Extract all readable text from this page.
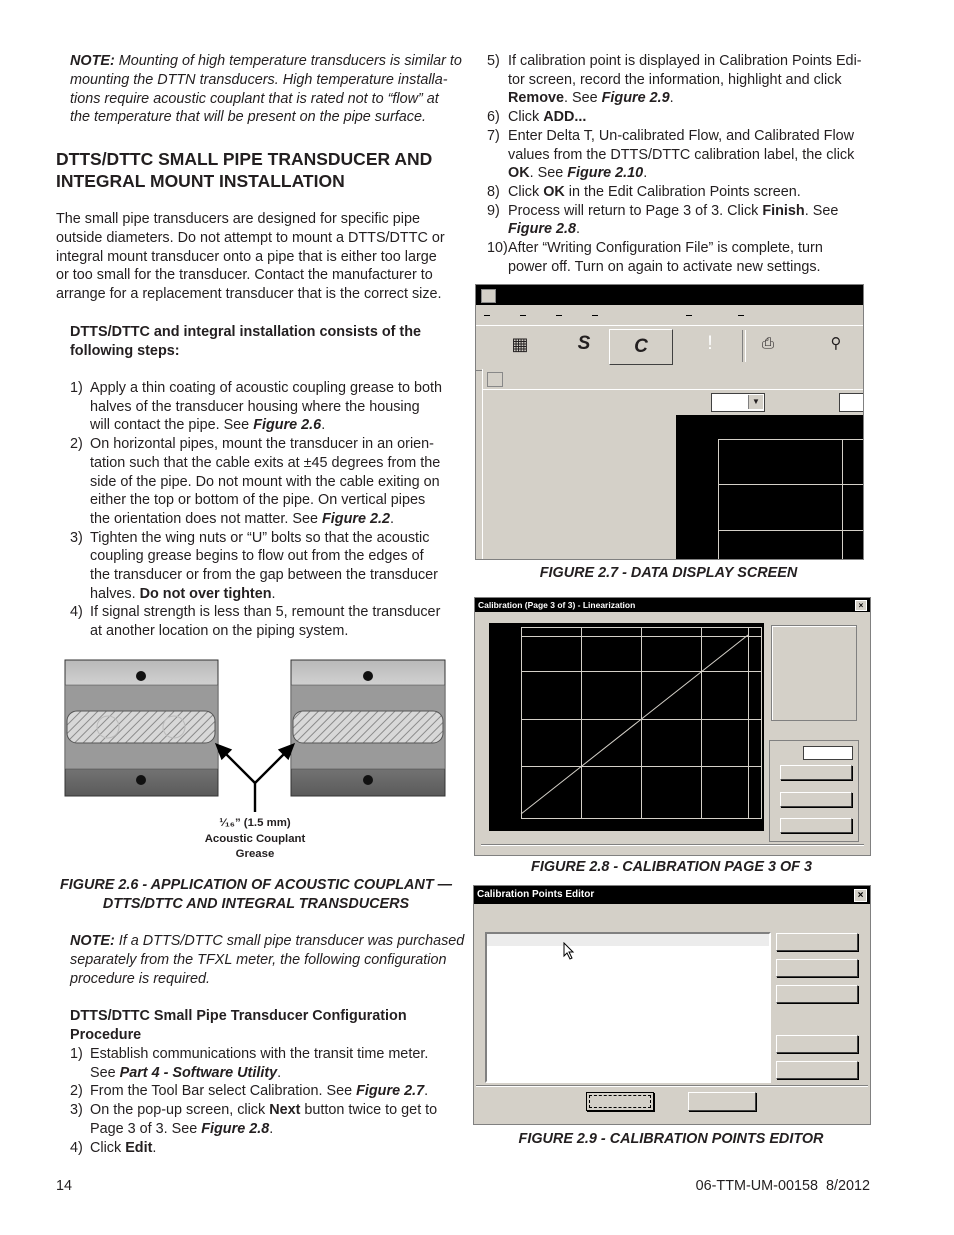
NOTE: Mounting of high temperature transducers is similar to

mounting the DTTN transducers. High temperature installa-

tions require acoustic couplant that is rated not to “flow” at

the temperature that will be present on the pipe surface.

DTTS/DTTC SMALL PIPE TRANSDUCER AND

INTEGRAL MOUNT INSTALLATION

The small pipe transducers are designed for specific pipe

outside diameters. Do not attempt to mount a DTTS/DTTC or

integral mount transducer onto a pipe that is either too large

or too small for the transducer. Contact the manufacturer to

arrange for a replacement transducer that is the correct size.

DTTS/DTTC and integral installation consists of the

following steps:

1) Apply a thin coating of acoustic coupling grease to both

halves of the transducer housing where the housing

will contact the pipe. See Figure 2.6.

2) On horizontal pipes, mount the transducer in an orien-

tation such that the cable exits at ±45 degrees from the

side of the pipe. Do not mount with the cable exiting on

either the top or bottom of the pipe. On vertical pipes

the orientation does not matter. See Figure 2.2.

3) Tighten the wing nuts or “U” bolts so that the acoustic

coupling grease begins to flow out from the edges of

the transducer or from the gap between the transducer

halves. Do not over tighten.

4) If signal strength is less than 5, remount the transducer

at another location on the piping system.

¹⁄₁₆” (1.5 mm)
Acoustic Couplant
Grease

FIGURE 2.6 - APPLICATION OF ACOUSTIC COUPLANT —

DTTS/DTTC AND INTEGRAL TRANSDUCERS

NOTE: If a DTTS/DTTC small pipe transducer was purchased

separately from the TFXL meter, the following configuration

procedure is required.

DTTS/DTTC Small Pipe Transducer Configuration

Procedure

1) Establish communications with the transit time meter.

See Part 4 - Software Utility.

2) From the Tool Bar select Calibration. See Figure 2.7.

3) On the pop-up screen, click Next button twice to get to

Page 3 of 3. See Figure 2.8.

4) Click Edit.

5) If calibration point is displayed in Calibration Points Edi-

tor screen, record the information, highlight and click

Remove. See Figure 2.9.

6) Click ADD...

7) Enter Delta T, Un-calibrated Flow, and Calibrated Flow

values from the DTTS/DTTC calibration label, the click

OK. See Figure 2.10.

8) Click OK in the Edit Calibration Points screen.

9) Process will return to Page 3 of 3. Click Finish. See

Figure 2.8.

10) After “Writing Configuration File” is complete, turn

power off. Turn on again to activate new settings.

▦	S	C	!	⎙	⚲
▼

FIGURE 2.7 - DATA DISPLAY SCREEN

Calibration (Page 3 of 3) - Linearization	×

FIGURE 2.8 - CALIBRATION PAGE 3 OF 3

Calibration Points Editor	×

FIGURE 2.9 - CALIBRATION POINTS EDITOR

14	06-TTM-UM-00158  8/2012
